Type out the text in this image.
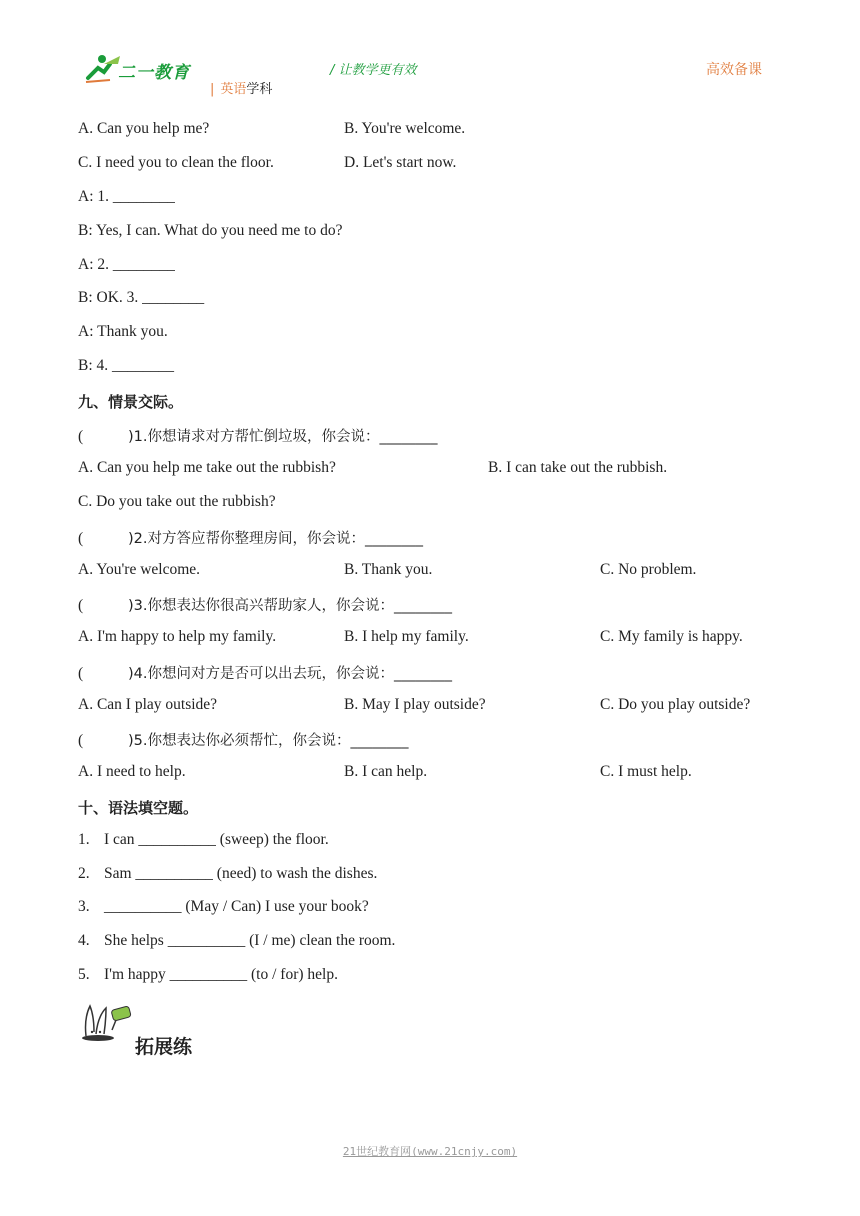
二一教育
| 英语学科
/ 让教学更有效	高效备课
A. Can you help me?	B. You're welcome.
C. I need you to clean the floor.	D. Let's start now.
A: 1. ________
B: Yes, I can. What do you need me to do?
A: 2. ________
B: OK. 3. ________
A: Thank you.
B: 4. ________
九、情景交际。
(	)1.你想请求对方帮忙倒垃圾，你会说：________
A. Can you help me take out the rubbish?	B. I can take out the rubbish.
C. Do you take out the rubbish?
(	)2.对方答应帮你整理房间，你会说：________
A. You're welcome.	B. Thank you.	C. No problem.
(	)3.你想表达你很高兴帮助家人，你会说：________
A. I'm happy to help my family.	B. I help my family.	C. My family is happy.
(	)4.你想问对方是否可以出去玩，你会说：________
A. Can I play outside?	B. May I play outside?	C. Do you play outside?
(	)5.你想表达你必须帮忙，你会说：________
A. I need to help.	B. I can help.	C. I must help.
十、语法填空题。
1. I can __________ (sweep) the floor.
2. Sam __________ (need) to wash the dishes.
3. __________ (May / Can) I use your book?
4. She helps __________ (I / me) clean the room.
5. I'm happy __________ (to / for) help.
拓展练
21世纪教育网(www.21cnjy.com)
